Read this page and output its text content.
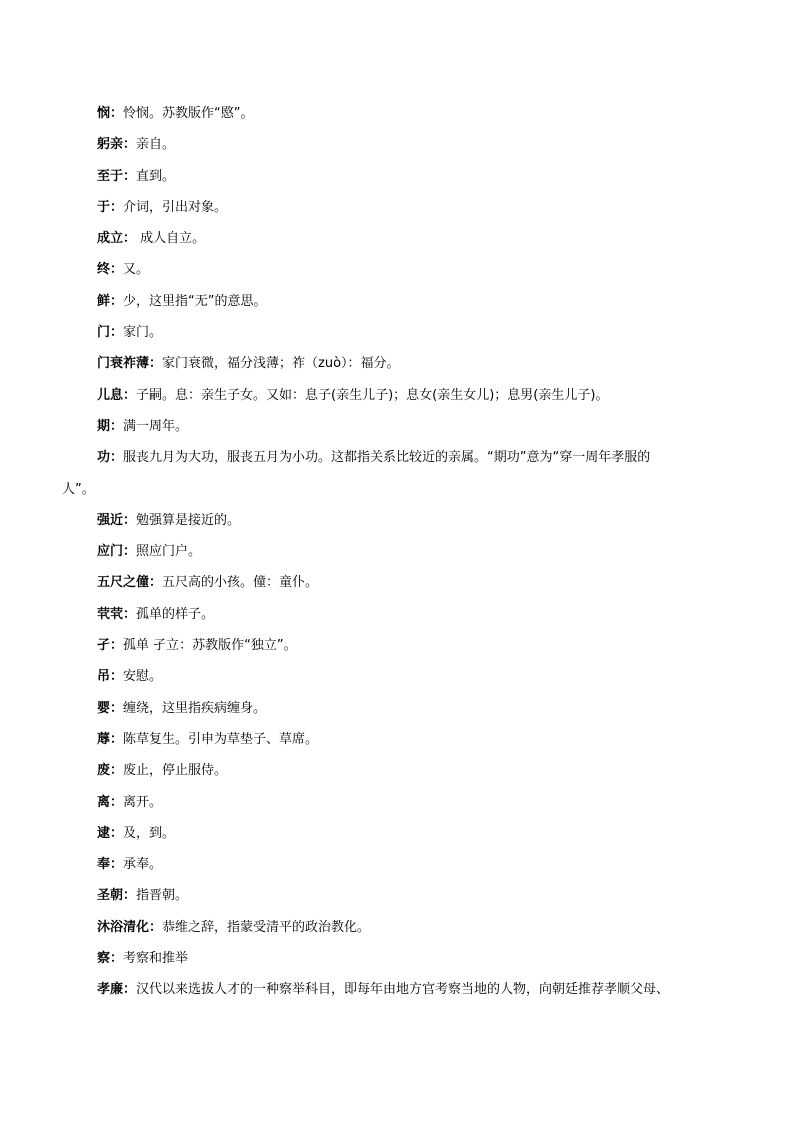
悯：怜悯。苏教版作“愍”。
躬亲：亲自。
至于：直到。
于：介词，引出对象。
成立： 成人自立。
终：又。
鲜：少，这里指“无”的意思。
门：家门。
门衰祚薄：家门衰微，福分浅薄；祚（zuò）：福分。
儿息：子嗣。息：亲生子女。又如：息子(亲生儿子)；息女(亲生女儿)；息男(亲生儿子)。
期：满一周年。
功：服丧九月为大功，服丧五月为小功。这都指关系比较近的亲属。“期功”意为“穿一周年孝服的
人”。
强近：勉强算是接近的。
应门：照应门户。
五尺之僮：五尺高的小孩。僮：童仆。
茕茕：孤单的样子。
孑：孤单 孑立：苏教版作“独立”。
吊：安慰。
婴：缠绕，这里指疾病缠身。
蓐：陈草复生。引申为草垫子、草席。
废：废止，停止服侍。
离：离开。
逮：及，到。
奉：承奉。
圣朝：指晋朝。
沐浴清化：恭维之辞，指蒙受清平的政治教化。
察：考察和推举
孝廉：汉代以来选拔人才的一种察举科目，即每年由地方官考察当地的人物，向朝廷推荐孝顺父母、
